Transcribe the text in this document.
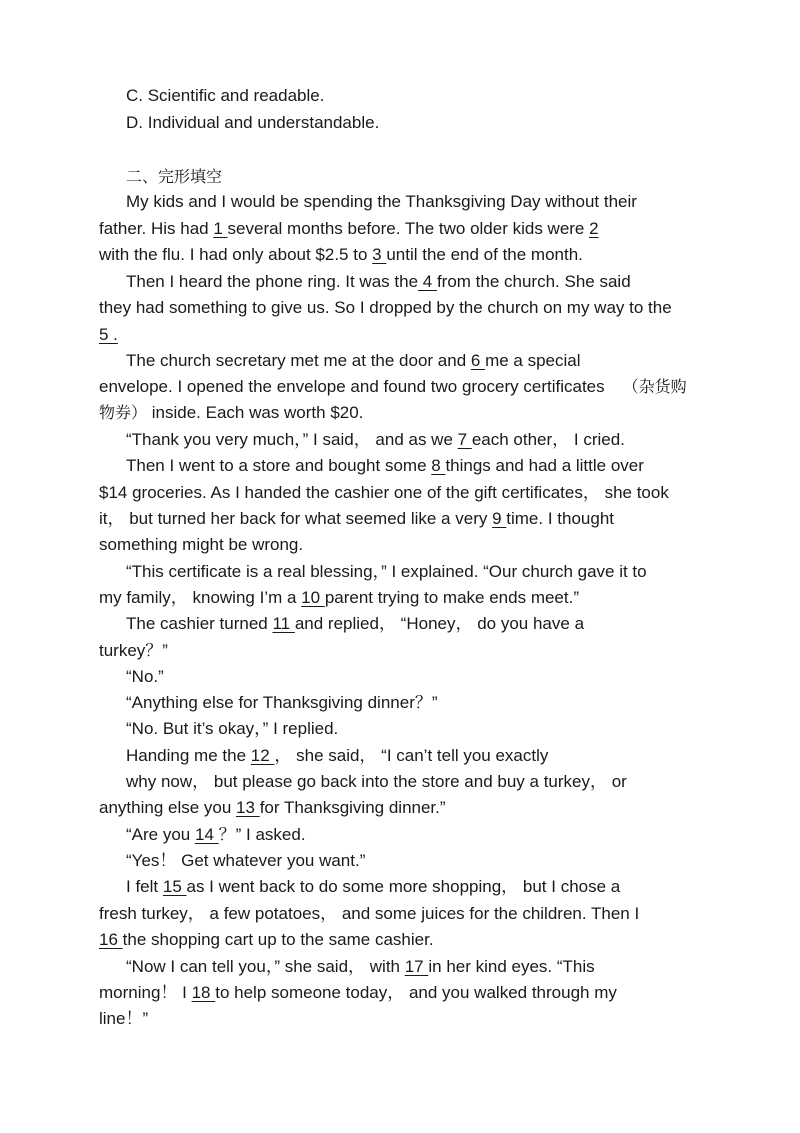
C. Scientific and readable.
D. Individual and understandable.
二、完形填空
My kids and I would be spending the Thanksgiving Day without their
father. His had 1 several months before. The two older kids were 2
with the flu. I had only about $2.5 to 3 until the end of the month.
Then I heard the phone ring. It was the 4 from the church. She said
they had something to give us. So I dropped by the church on my way to the
5 .
The church secretary met me at the door and 6 me a special
envelope. I opened the envelope and found two grocery certificates （杂货购
物券） inside. Each was worth $20.
“Thank you very much，” I said， and as we 7 each other， I cried.
Then I went to a store and bought some 8 things and had a little over
$14 groceries. As I handed the cashier one of the gift certificates， she took
it， but turned her back for what seemed like a very 9 time. I thought
something might be wrong.
“This certificate is a real blessing，” I explained. “Our church gave it to
my family， knowing I’m a 10 parent trying to make ends meet.”
The cashier turned 11 and replied， “Honey， do you have a
turkey？”
“No.”
“Anything else for Thanksgiving dinner？”
“No. But it’s okay，” I replied.
Handing me the 12 ， she said， “I can’t tell you exactly
why now， but please go back into the store and buy a turkey， or
anything else you 13 for Thanksgiving dinner.”
“Are you 14 ？” I asked.
“Yes！ Get whatever you want.”
I felt 15 as I went back to do some more shopping， but I chose a
fresh turkey， a few potatoes， and some juices for the children. Then I
16 the shopping cart up to the same cashier.
“Now I can tell you，” she said， with 17 in her kind eyes. “This
morning！ I 18 to help someone today， and you walked through my
line！”
